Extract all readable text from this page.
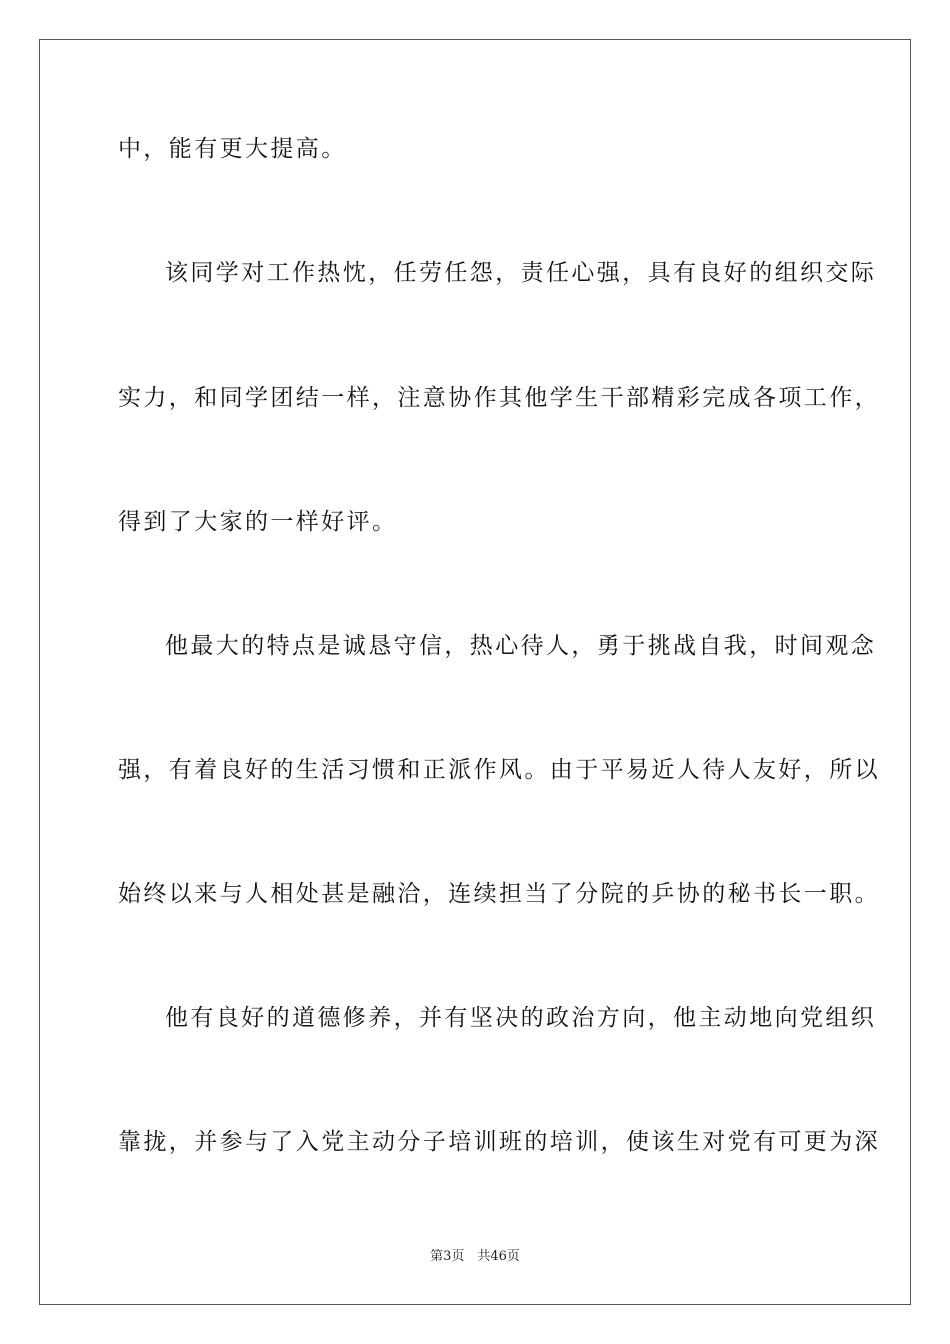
中，能有更大提高。
该同学对工作热忱，任劳任怨，责任心强，具有良好的组织交际
实力，和同学团结一样，注意协作其他学生干部精彩完成各项工作，
得到了大家的一样好评。
他最大的特点是诚恳守信，热心待人，勇于挑战自我，时间观念
强，有着良好的生活习惯和正派作风。由于平易近人待人友好，所以
始终以来与人相处甚是融洽，连续担当了分院的乒协的秘书长一职。
他有良好的道德修养，并有坚决的政治方向，他主动地向党组织
靠拢，并参与了入党主动分子培训班的培训，使该生对党有可更为深
第3页　共46页
